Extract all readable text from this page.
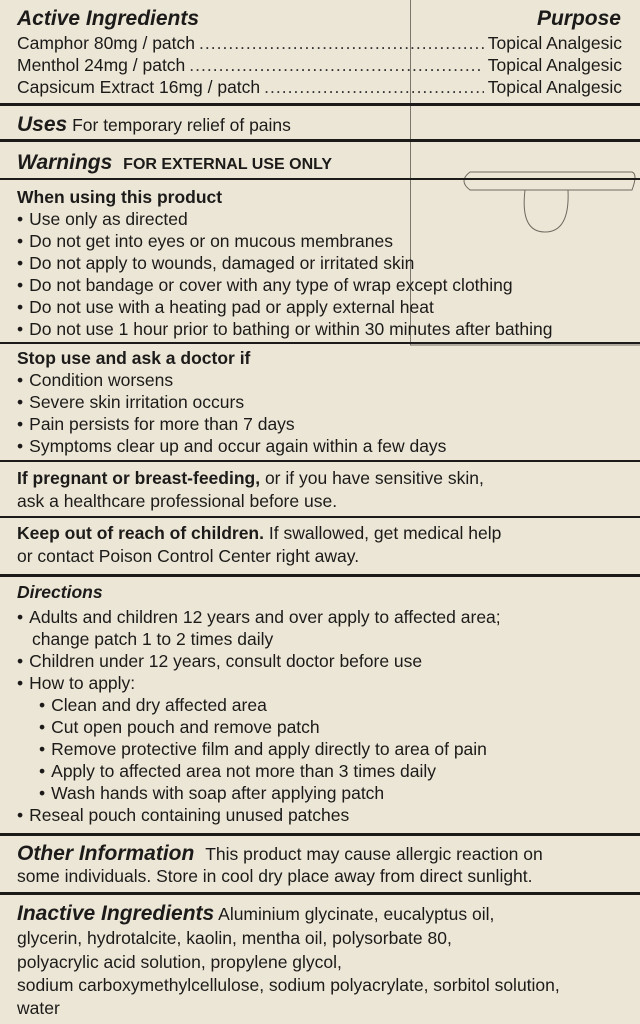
Active Ingredients	Purpose
Camphor 80mg / patch .....	Topical Analgesic
Menthol 24mg / patch .....	Topical Analgesic
Capsicum Extract 16mg / patch .....	Topical Analgesic
Uses For temporary relief of pains
Warnings FOR EXTERNAL USE ONLY
When using this product
• Use only as directed
• Do not get into eyes or on mucous membranes
• Do not apply to wounds, damaged or irritated skin
• Do not bandage or cover with any type of wrap except clothing
• Do not use with a heating pad or apply external heat
• Do not use 1 hour prior to bathing or within 30 minutes after bathing
Stop use and ask a doctor if
• Condition worsens
• Severe skin irritation occurs
• Pain persists for more than 7 days
• Symptoms clear up and occur again within a few days
If pregnant or breast-feeding, or if you have sensitive skin,
ask a healthcare professional before use.
Keep out of reach of children. If swallowed, get medical help
or contact Poison Control Center right away.
Directions
• Adults and children 12 years and over apply to affected area;
change patch 1 to 2 times daily
• Children under 12 years, consult doctor before use
• How to apply:
• Clean and dry affected area
• Cut open pouch and remove patch
• Remove protective film and apply directly to area of pain
• Apply to affected area not more than 3 times daily
• Wash hands with soap after applying patch
• Reseal pouch containing unused patches
Other Information This product may cause allergic reaction on
some individuals. Store in cool dry place away from direct sunlight.
Inactive Ingredients Aluminium glycinate, eucalyptus oil,
glycerin, hydrotalcite, kaolin, mentha oil, polysorbate 80,
polyacrylic acid solution, propylene glycol,
sodium carboxymethylcellulose, sodium polyacrylate, sorbitol solution,
water
